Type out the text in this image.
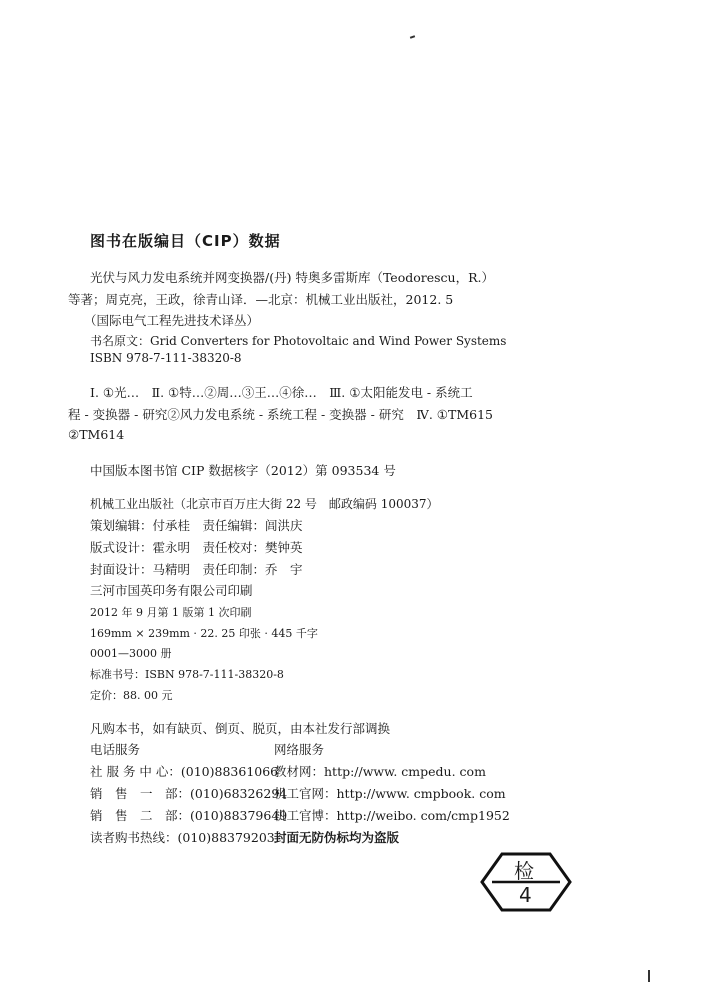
图书在版编目（CIP）数据
光伏与风力发电系统并网变换器/(丹) 特奥多雷斯库（Teodorescu，R.）
等著；周克亮，王政，徐青山译．—北京：机械工业出版社，2012. 5
（国际电气工程先进技术译丛）
书名原文：Grid Converters for Photovoltaic and Wind Power Systems
ISBN 978-7-111-38320-8
Ⅰ. ①光…　Ⅱ. ①特…②周…③王…④徐…　Ⅲ. ①太阳能发电 - 系统工
程 - 变换器 - 研究②风力发电系统 - 系统工程 - 变换器 - 研究　Ⅳ. ①TM615
②TM614
中国版本图书馆 CIP 数据核字（2012）第 093534 号
机械工业出版社（北京市百万庄大街 22 号　邮政编码 100037）
策划编辑：付承桂　责任编辑：闾洪庆
版式设计：霍永明　责任校对：樊钟英
封面设计：马精明　责任印制：乔　宇
三河市国英印务有限公司印刷
2012 年 9 月第 1 版第 1 次印刷
169mm × 239mm · 22. 25 印张 · 445 千字
0001—3000 册
标准书号：ISBN 978-7-111-38320-8
定价：88. 00 元
凡购本书，如有缺页、倒页、脱页，由本社发行部调换
电话服务	网络服务
社 服 务 中 心：(010)88361066
教材网：http://www. cmpedu. com
销　售　一　部：(010)68326294
机工官网：http://www. cmpbook. com
销　售　二　部：(010)88379649
机工官博：http://weibo. com/cmp1952
读者购书热线：(010)88379203 封面无防伪标均为盗版
检
4
